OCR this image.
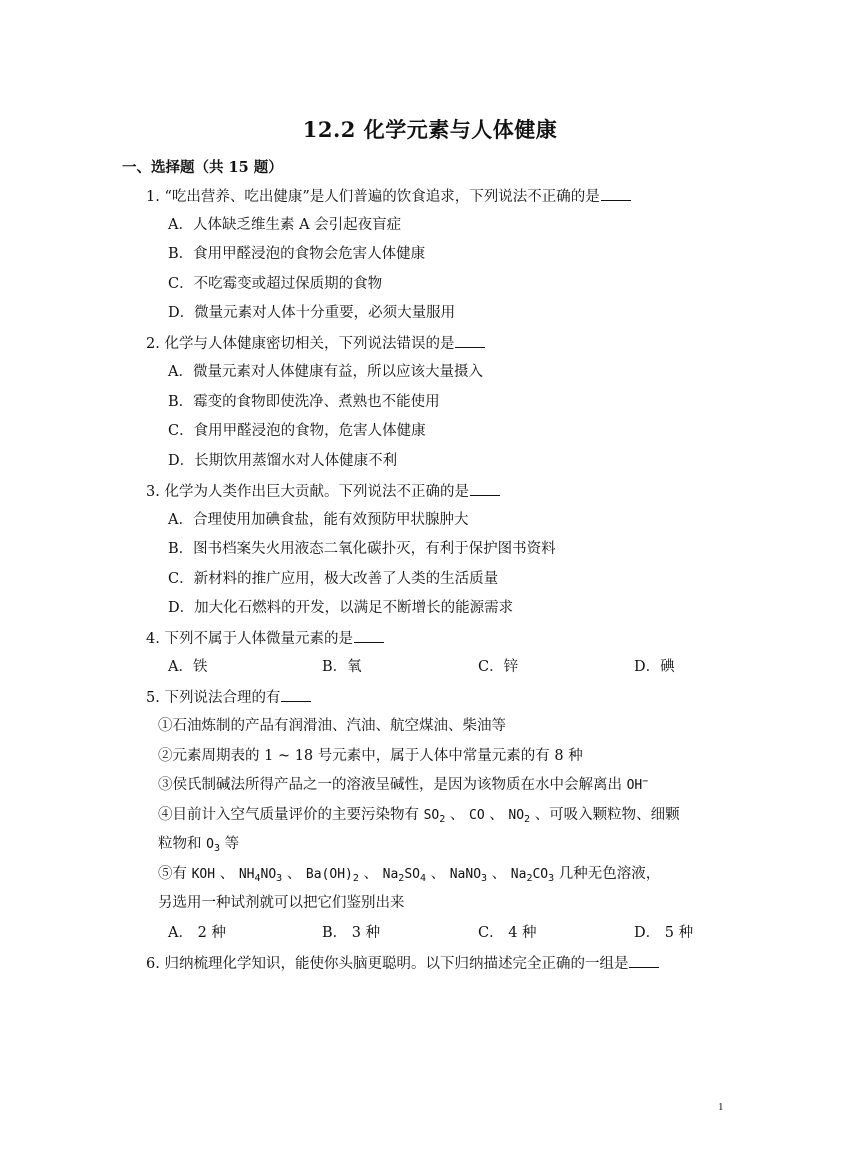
12.2 化学元素与人体健康
一、选择题（共 15 题）
1. “吃出营养、吃出健康”是人们普遍的饮食追求，下列说法不正确的是
A．人体缺乏维生素 A 会引起夜盲症
B．食用甲醛浸泡的食物会危害人体健康
C．不吃霉变或超过保质期的食物
D．微量元素对人体十分重要，必须大量服用
2. 化学与人体健康密切相关，下列说法错误的是
A．微量元素对人体健康有益，所以应该大量摄入
B．霉变的食物即使洗净、煮熟也不能使用
C．食用甲醛浸泡的食物，危害人体健康
D．长期饮用蒸馏水对人体健康不利
3. 化学为人类作出巨大贡献。下列说法不正确的是
A．合理使用加碘食盐，能有效预防甲状腺肿大
B．图书档案失火用液态二氧化碳扑灭，有利于保护图书资料
C．新材料的推广应用，极大改善了人类的生活质量
D．加大化石燃料的开发，以满足不断增长的能源需求
4. 下列不属于人体微量元素的是
A．铁	B．氧	C．锌	D．碘
5. 下列说法合理的有
①石油炼制的产品有润滑油、汽油、航空煤油、柴油等
②元素周期表的 1 ~ 18 号元素中，属于人体中常量元素的有 8 种
③侯氏制碱法所得产品之一的溶液呈碱性，是因为该物质在水中会解离出 OH−
④目前计入空气质量评价的主要污染物有 $SO_2$ 、 CO 、 $NO_2$ 、可吸入颗粒物、细颗
粒物和 $O_3$ 等
⑤有 KOH 、 $NH_4NO_3$ 、 $Ba(OH)_2$ 、 $Na_2SO_4$ 、 NaNO$_3$ 、 $Na_2CO_3$ 几种无色溶液，
另选用一种试剂就可以把它们鉴别出来
A． 2 种	B． 3 种	C． 4 种	D． 5 种
6. 归纳梳理化学知识，能使你头脑更聪明。以下归纳描述完全正确的一组是
1
